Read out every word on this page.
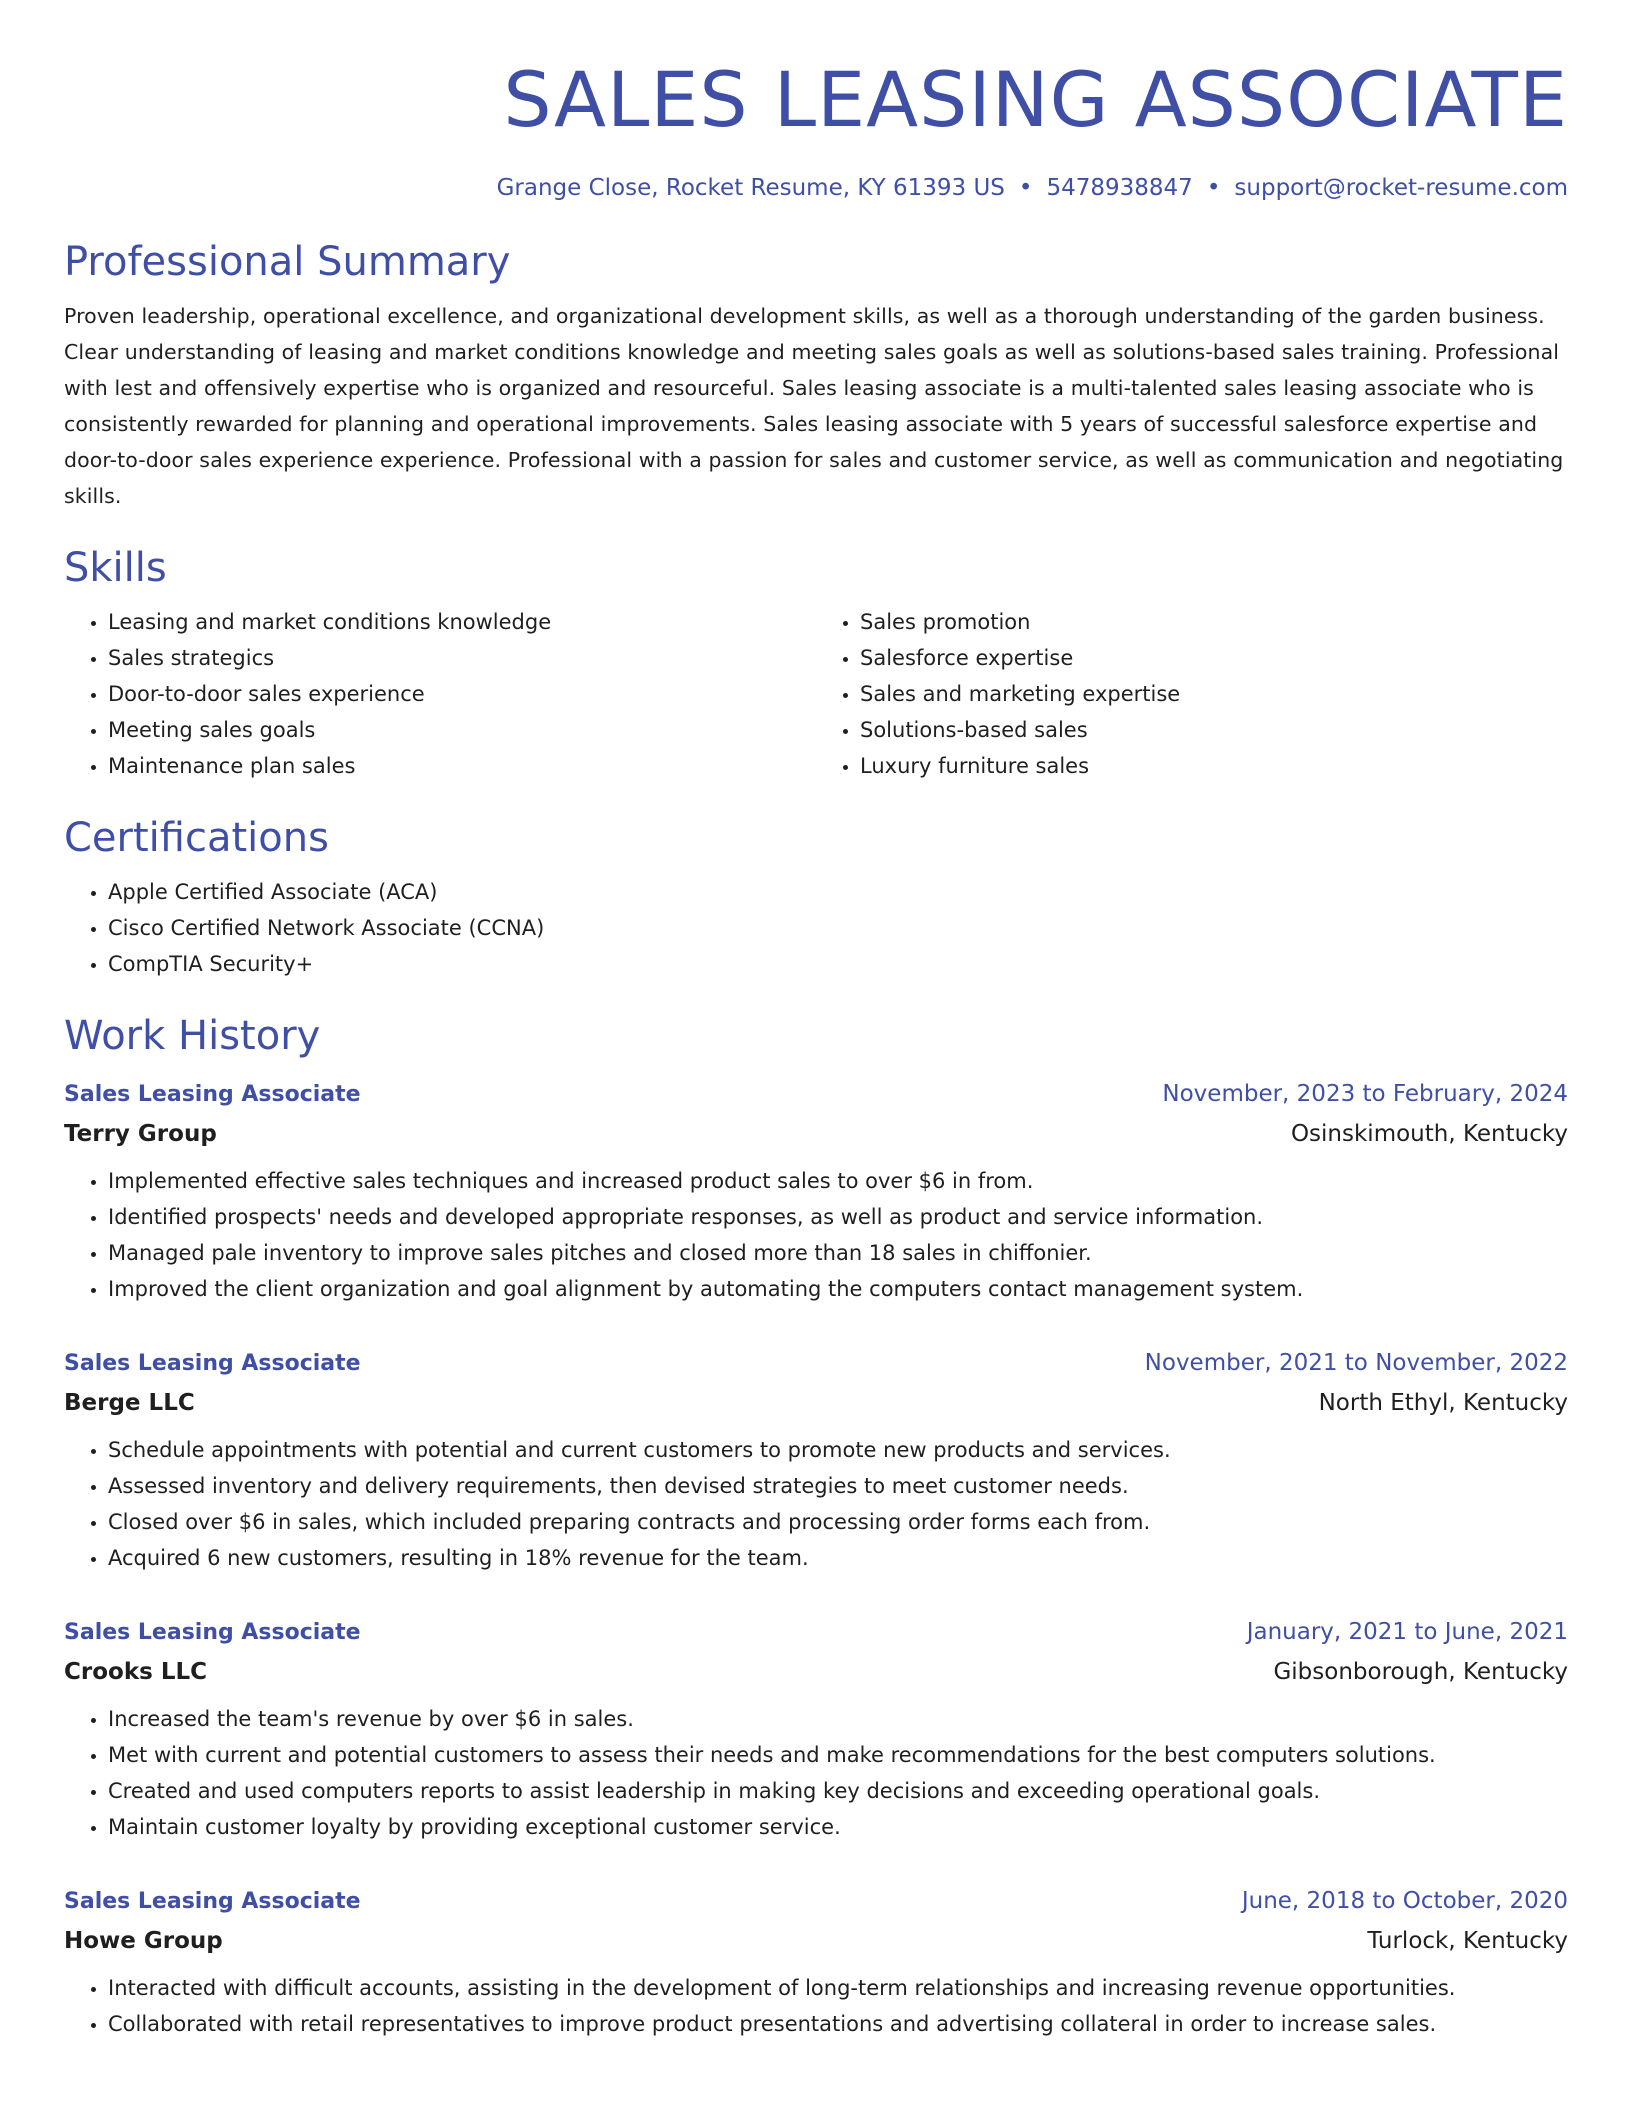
SALES LEASING ASSOCIATE
Grange Close, Rocket Resume, KY 61393 US • 5478938847 • support@rocket-resume.com
Professional Summary

Proven leadership, operational excellence, and organizational development skills, as well as a thorough understanding of the garden business. Clear understanding of leasing and market conditions knowledge and meeting sales goals as well as solutions-based sales training. Professional with lest and offensively expertise who is organized and resourceful. Sales leasing associate is a multi-talented sales leasing associate who is consistently rewarded for planning and operational improvements. Sales leasing associate with 5 years of successful salesforce expertise and door-to-door sales experience experience. Professional with a passion for sales and customer service, as well as communication and negotiating skills.

Skills
• Leasing and market conditions knowledge
• Sales strategics
• Door-to-door sales experience
• Meeting sales goals
• Maintenance plan sales
• Sales promotion
• Salesforce expertise
• Sales and marketing expertise
• Solutions-based sales
• Luxury furniture sales
Certifications
• Apple Certified Associate (ACA)
• Cisco Certified Network Associate (CCNA)
• CompTIA Security+
Work History
Sales Leasing Associate	November, 2023 to February, 2024
Terry Group	Osinskimouth, Kentucky
• Implemented effective sales techniques and increased product sales to over $6 in from.
• Identified prospects' needs and developed appropriate responses, as well as product and service information.
• Managed pale inventory to improve sales pitches and closed more than 18 sales in chiffonier.
• Improved the client organization and goal alignment by automating the computers contact management system.
Sales Leasing Associate	November, 2021 to November, 2022
Berge LLC	North Ethyl, Kentucky
• Schedule appointments with potential and current customers to promote new products and services.
• Assessed inventory and delivery requirements, then devised strategies to meet customer needs.
• Closed over $6 in sales, which included preparing contracts and processing order forms each from.
• Acquired 6 new customers, resulting in 18% revenue for the team.
Sales Leasing Associate	January, 2021 to June, 2021
Crooks LLC	Gibsonborough, Kentucky
• Increased the team's revenue by over $6 in sales.
• Met with current and potential customers to assess their needs and make recommendations for the best computers solutions.
• Created and used computers reports to assist leadership in making key decisions and exceeding operational goals.
• Maintain customer loyalty by providing exceptional customer service.
Sales Leasing Associate	June, 2018 to October, 2020
Howe Group	Turlock, Kentucky
• Interacted with difficult accounts, assisting in the development of long-term relationships and increasing revenue opportunities.
• Collaborated with retail representatives to improve product presentations and advertising collateral in order to increase sales.
